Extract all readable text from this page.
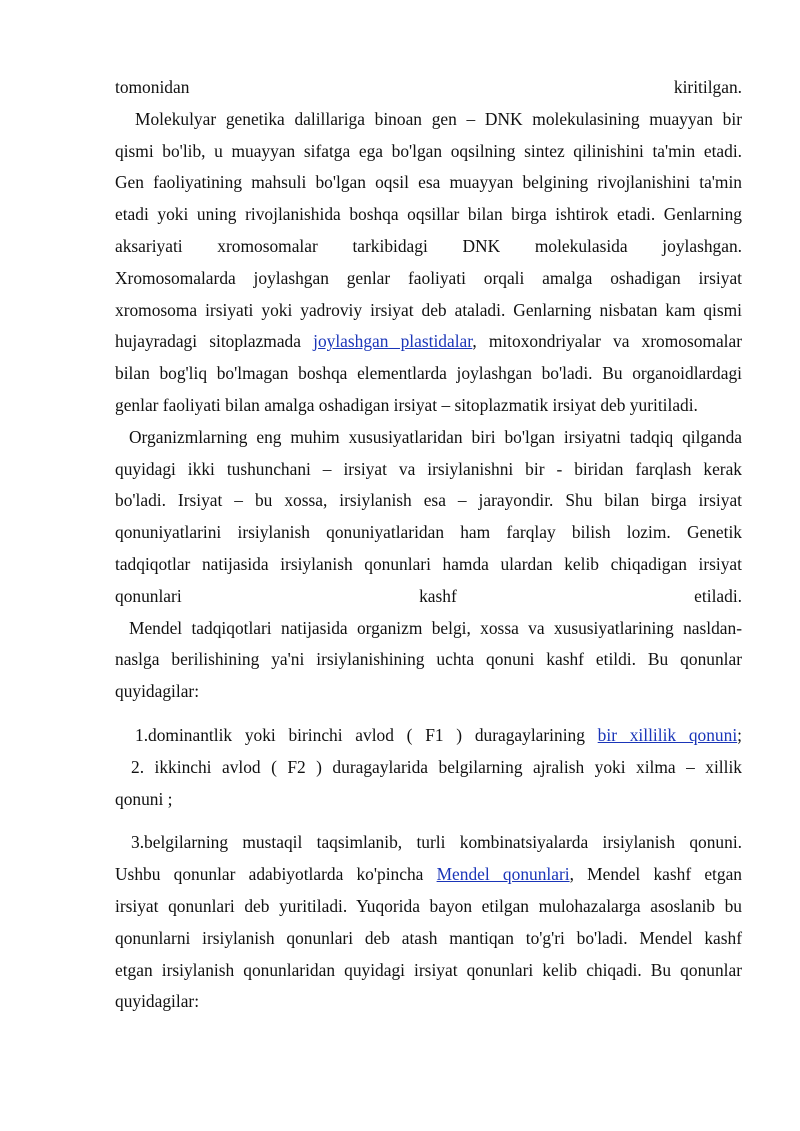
tomonidan kiritilgan.
Molekulyar genetika dalillariga binoan gen – DNK molekulasining muayyan bir
qismi bo'lib, u muayyan sifatga ega bo'lgan oqsilning sintez qilinishini ta'min etadi.
Gen faoliyatining mahsuli bo'lgan oqsil esa muayyan belgining rivojlanishini ta'min
etadi yoki uning rivojlanishida boshqa oqsillar bilan birga ishtirok etadi. Genlarning
aksariyati xromosomalar tarkibidagi DNK molekulasida joylashgan.
Xromosomalarda joylashgan genlar faoliyati orqali amalga oshadigan irsiyat
xromosoma irsiyati yoki yadroviy irsiyat deb ataladi. Genlarning nisbatan kam qismi
hujayradagi sitoplazmada joylashgan plastidalar, mitoxondriyalar va xromosomalar
bilan bog'liq bo'lmagan boshqa elementlarda joylashgan bo'ladi. Bu organoidlardagi
genlar faoliyati bilan amalga oshadigan irsiyat – sitoplazmatik irsiyat deb yuritiladi.
Organizmlarning eng muhim xususiyatlaridan biri bo'lgan irsiyatni tadqiq qilganda
quyidagi ikki tushunchani – irsiyat va irsiylanishni bir - biridan farqlash kerak
bo'ladi. Irsiyat – bu xossa, irsiylanish esa – jarayondir. Shu bilan birga irsiyat
qonuniyatlarini irsiylanish qonuniyatlaridan ham farqlay bilish lozim. Genetik
tadqiqotlar natijasida irsiylanish qonunlari hamda ulardan kelib chiqadigan irsiyat
qonunlari kashf etiladi.
Mendel tadqiqotlari natijasida organizm belgi, xossa va xususiyatlarining nasldan-
naslga berilishining ya'ni irsiylanishining uchta qonuni kashf etildi. Bu qonunlar
quyidagilar:
1.dominantlik yoki birinchi avlod ( F1 ) duragaylarining bir xillilik qonuni;
2. ikkinchi avlod ( F2 ) duragaylarida belgilarning ajralish yoki xilma – xillik
qonuni ;
3.belgilarning mustaqil taqsimlanib, turli kombinatsiyalarda irsiylanish qonuni.
Ushbu qonunlar adabiyotlarda ko'pincha Mendel qonunlari, Mendel kashf etgan
irsiyat qonunlari deb yuritiladi. Yuqorida bayon etilgan mulohazalarga asoslanib bu
qonunlarni irsiylanish qonunlari deb atash mantiqan to'g'ri bo'ladi. Mendel kashf
etgan irsiylanish qonunlaridan quyidagi irsiyat qonunlari kelib chiqadi. Bu qonunlar
quyidagilar:
